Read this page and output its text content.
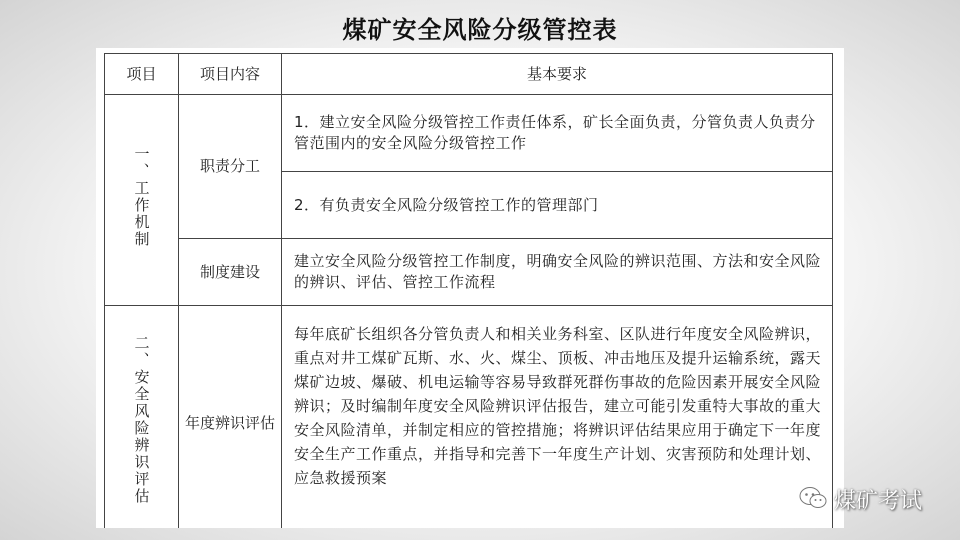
煤矿安全风险分级管控表
项目	项目内容	基本要求
一、工作机制	职责分工	1．建立安全风险分级管控工作责任体系，矿长全面负责，分管负责人负责分管范围内的安全风险分级管控工作
		2．有负责安全风险分级管控工作的管理部门
	制度建设	建立安全风险分级管控工作制度，明确安全风险的辨识范围、方法和安全风险的辨识、评估、管控工作流程
二、安全风险辨识评估	年度辨识评估	每年底矿长组织各分管负责人和相关业务科室、区队进行年度安全风险辨识，重点对井工煤矿瓦斯、水、火、煤尘、顶板、冲击地压及提升运输系统，露天煤矿边坡、爆破、机电运输等容易导致群死群伤事故的危险因素开展安全风险辨识；及时编制年度安全风险辨识评估报告，建立可能引发重特大事故的重大安全风险清单，并制定相应的管控措施；将辨识评估结果应用于确定下一年度安全生产工作重点，并指导和完善下一年度生产计划、灾害预防和处理计划、应急救援预案
煤矿考试
